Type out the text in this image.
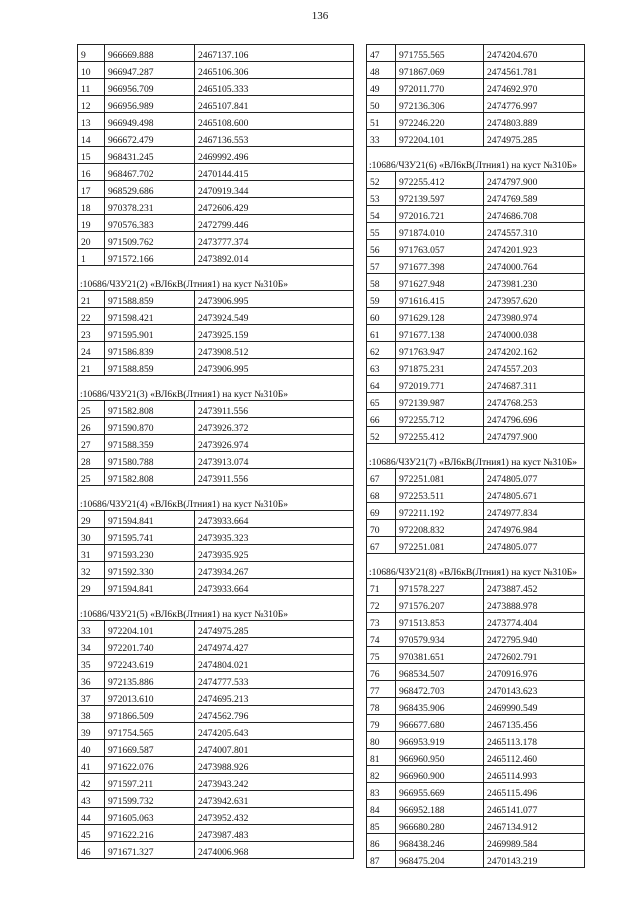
136
9	966669.888	2467137.106
10	966947.287	2465106.306
11	966956.709	2465105.333
12	966956.989	2465107.841
13	966949.498	2465108.600
14	966672.479	2467136.553
15	968431.245	2469992.496
16	968467.702	2470144.415
17	968529.686	2470919.344
18	970378.231	2472606.429
19	970576.383	2472799.446
20	971509.762	2473777.374
1	971572.166	2473892.014
:10686/ЧЗУ21(2) «ВЛ6кВ(Лтния1) на куст №310Б»		
21	971588.859	2473906.995
22	971598.421	2473924.549
23	971595.901	2473925.159
24	971586.839	2473908.512
21	971588.859	2473906.995
:10686/ЧЗУ21(3) «ВЛ6кВ(Лтния1) на куст №310Б»		
25	971582.808	2473911.556
26	971590.870	2473926.372
27	971588.359	2473926.974
28	971580.788	2473913.074
25	971582.808	2473911.556
:10686/ЧЗУ21(4) «ВЛ6кВ(Лтния1) на куст №310Б»		
29	971594.841	2473933.664
30	971595.741	2473935.323
31	971593.230	2473935.925
32	971592.330	2473934.267
29	971594.841	2473933.664
:10686/ЧЗУ21(5) «ВЛ6кВ(Лтния1) на куст №310Б»		
33	972204.101	2474975.285
34	972201.740	2474974.427
35	972243.619	2474804.021
36	972135.886	2474777.533
37	972013.610	2474695.213
38	971866.509	2474562.796
39	971754.565	2474205.643
40	971669.587	2474007.801
41	971622.076	2473988.926
42	971597.211	2473943.242
43	971599.732	2473942.631
44	971605.063	2473952.432
45	971622.216	2473987.483
46	971671.327	2474006.968
47	971755.565	2474204.670
48	971867.069	2474561.781
49	972011.770	2474692.970
50	972136.306	2474776.997
51	972246.220	2474803.889
33	972204.101	2474975.285
:10686/ЧЗУ21(6) «ВЛ6кВ(Лтния1) на куст №310Б»		
52	972255.412	2474797.900
53	972139.597	2474769.589
54	972016.721	2474686.708
55	971874.010	2474557.310
56	971763.057	2474201.923
57	971677.398	2474000.764
58	971627.948	2473981.230
59	971616.415	2473957.620
60	971629.128	2473980.974
61	971677.138	2474000.038
62	971763.947	2474202.162
63	971875.231	2474557.203
64	972019.771	2474687.311
65	972139.987	2474768.253
66	972255.712	2474796.696
52	972255.412	2474797.900
:10686/ЧЗУ21(7) «ВЛ6кВ(Лтния1) на куст №310Б»		
67	972251.081	2474805.077
68	972253.511	2474805.671
69	972211.192	2474977.834
70	972208.832	2474976.984
67	972251.081	2474805.077
:10686/ЧЗУ21(8) «ВЛ6кВ(Лтния1) на куст №310Б»		
71	971578.227	2473887.452
72	971576.207	2473888.978
73	971513.853	2473774.404
74	970579.934	2472795.940
75	970381.651	2472602.791
76	968534.507	2470916.976
77	968472.703	2470143.623
78	968435.906	2469990.549
79	966677.680	2467135.456
80	966953.919	2465113.178
81	966960.950	2465112.460
82	966960.900	2465114.993
83	966955.669	2465115.496
84	966952.188	2465141.077
85	966680.280	2467134.912
86	968438.246	2469989.584
87	968475.204	2470143.219
